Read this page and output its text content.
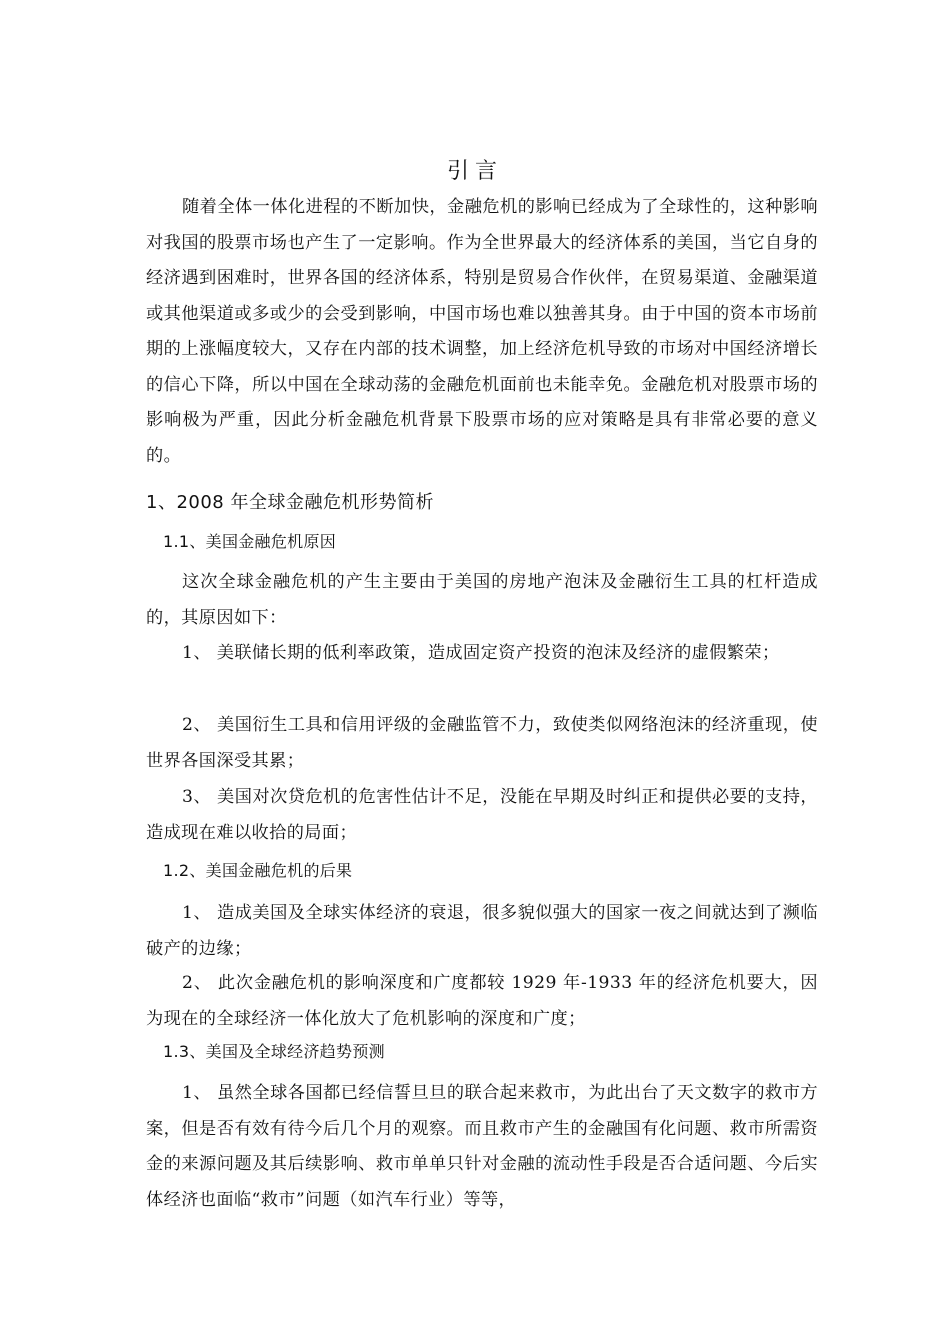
引言

随着全体一体化进程的不断加快，金融危机的影响已经成为了全球性的，这种影响对我国的股票市场也产生了一定影响。作为全世界最大的经济体系的美国，当它自身的经济遇到困难时，世界各国的经济体系，特别是贸易合作伙伴，在贸易渠道、金融渠道或其他渠道或多或少的会受到影响，中国市场也难以独善其身。由于中国的资本市场前期的上涨幅度较大，又存在内部的技术调整，加上经济危机导致的市场对中国经济增长的信心下降，所以中国在全球动荡的金融危机面前也未能幸免。金融危机对股票市场的影响极为严重，因此分析金融危机背景下股票市场的应对策略是具有非常必要的意义的。

1、2008 年全球金融危机形势简析
1.1、美国金融危机原因

这次全球金融危机的产生主要由于美国的房地产泡沫及金融衍生工具的杠杆造成的，其原因如下：

1、 美联储长期的低利率政策，造成固定资产投资的泡沫及经济的虚假繁荣；

2、 美国衍生工具和信用评级的金融监管不力，致使类似网络泡沫的经济重现，使世界各国深受其累；

3、 美国对次贷危机的危害性估计不足，没能在早期及时纠正和提供必要的支持，造成现在难以收拾的局面；

1.2、美国金融危机的后果

1、 造成美国及全球实体经济的衰退，很多貌似强大的国家一夜之间就达到了濒临破产的边缘；

2、 此次金融危机的影响深度和广度都较 1929 年-1933 年的经济危机要大，因为现在的全球经济一体化放大了危机影响的深度和广度；

1.3、美国及全球经济趋势预测

1、 虽然全球各国都已经信誓旦旦的联合起来救市，为此出台了天文数字的救市方案，但是否有效有待今后几个月的观察。而且救市产生的金融国有化问题、救市所需资金的来源问题及其后续影响、救市单单只针对金融的流动性手段是否合适问题、今后实体经济也面临“救市”问题（如汽车行业）等等，
